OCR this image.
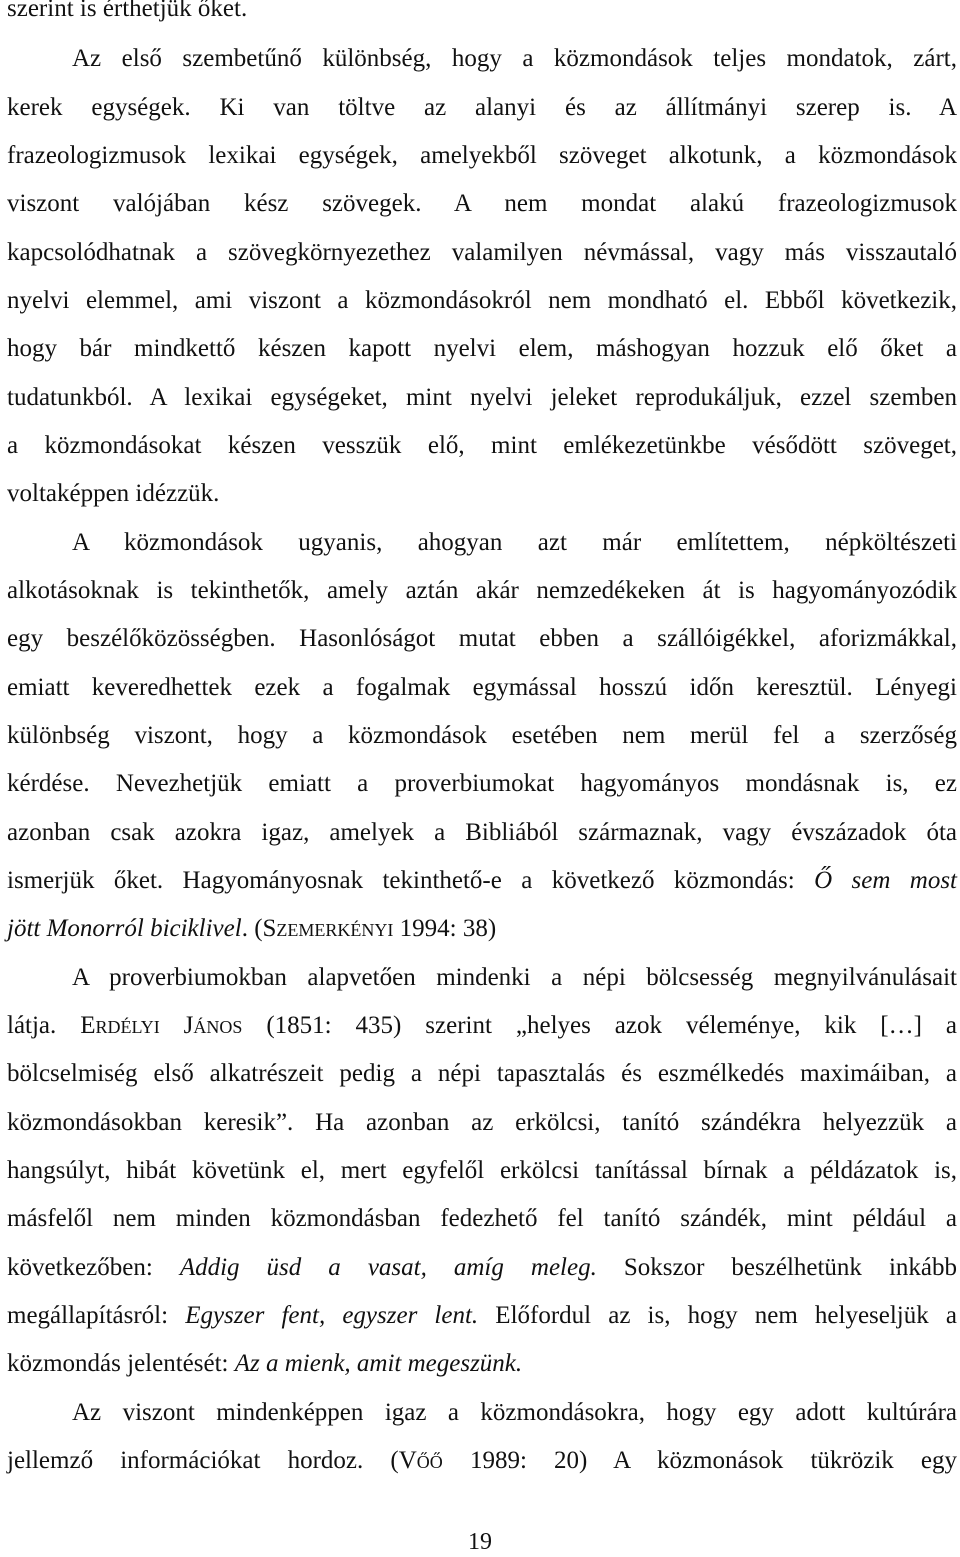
szerint is érthetjük őket.

Az első szembetűnő különbség, hogy a közmondások teljes mondatok, zárt,

kerek egységek. Ki van töltve az alanyi és az állítmányi szerep is. A

frazeologizmusok lexikai egységek, amelyekből szöveget alkotunk, a közmondások

viszont valójában kész szövegek. A nem mondat alakú frazeologizmusok

kapcsolódhatnak a szövegkörnyezethez valamilyen névmással, vagy más visszautaló

nyelvi elemmel, ami viszont a közmondásokról nem mondható el. Ebből következik,

hogy bár mindkettő készen kapott nyelvi elem, máshogyan hozzuk elő őket a

tudatunkból. A lexikai egységeket, mint nyelvi jeleket reprodukáljuk, ezzel szemben

a közmondásokat készen vesszük elő, mint emlékezetünkbe vésődött szöveget,

voltaképpen idézzük.

A közmondások ugyanis, ahogyan azt már említettem, népköltészeti

alkotásoknak is tekinthetők, amely aztán akár nemzedékeken át is hagyományozódik

egy beszélőközösségben. Hasonlóságot mutat ebben a szállóigékkel, aforizmákkal,

emiatt keveredhettek ezek a fogalmak egymással hosszú időn keresztül. Lényegi

különbség viszont, hogy a közmondások esetében nem merül fel a szerzőség

kérdése. Nevezhetjük emiatt a proverbiumokat hagyományos mondásnak is, ez

azonban csak azokra igaz, amelyek a Bibliából származnak, vagy évszázadok óta

ismerjük őket. Hagyományosnak tekinthető-e a következő közmondás: Ő sem most

jött Monorról biciklivel. (Szemerkényi 1994: 38)

A proverbiumokban alapvetően mindenki a népi bölcsesség megnyilvánulásait

látja. Erdélyi János (1851: 435) szerint „helyes azok véleménye, kik […] a

bölcselmiség első alkatrészeit pedig a népi tapasztalás és eszmélkedés maximáiban, a

közmondásokban keresik”. Ha azonban az erkölcsi, tanító szándékra helyezzük a

hangsúlyt, hibát követünk el, mert egyfelől erkölcsi tanítással bírnak a példázatok is,

másfelől nem minden közmondásban fedezhető fel tanító szándék, mint például a

következőben: Addig üsd a vasat, amíg meleg. Sokszor beszélhetünk inkább

megállapításról: Egyszer fent, egyszer lent. Előfordul az is, hogy nem helyeseljük a

közmondás jelentését: Az a mienk, amit megeszünk.

Az viszont mindenképpen igaz a közmondásokra, hogy egy adott kultúrára

jellemző információkat hordoz. (Vőő 1989: 20) A közmonások tükrözik egy

19
